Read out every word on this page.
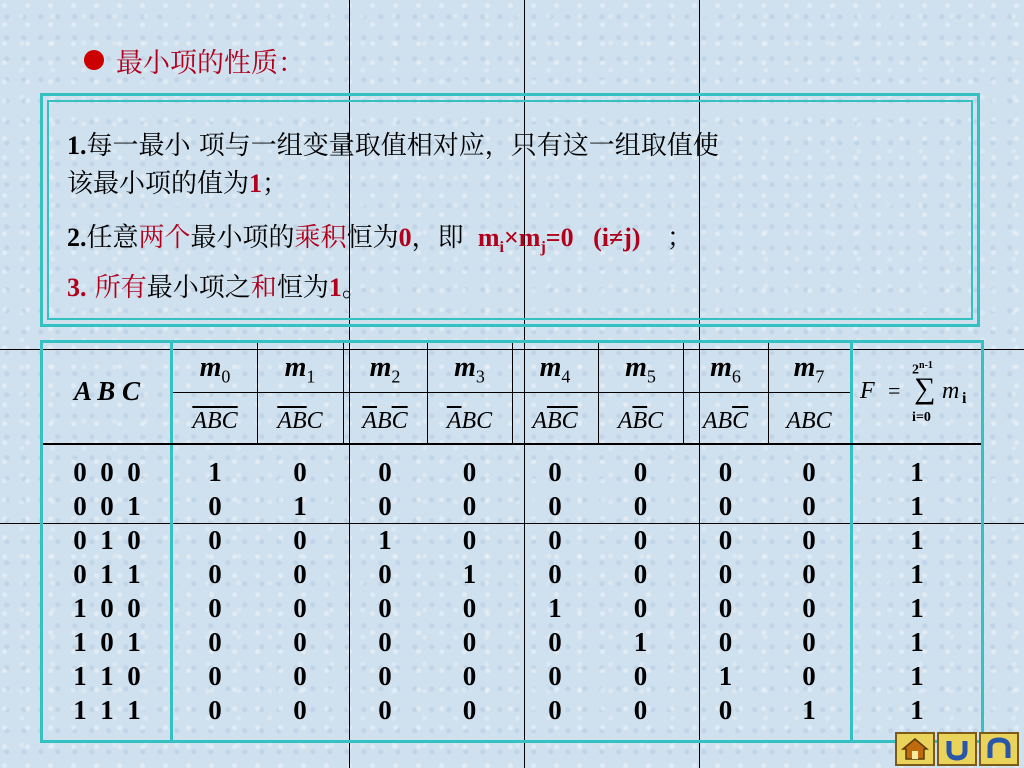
最小项的性质：
1.每一最小 项与一组变量取值相对应，只有这一组取值使
该最小项的值为1；
2.任意两个最小项的乘积恒为0，即 $m_i\times m_j=0$ (i≠j) ；
3. 所有最小项之和恒为1。
A B C
$m_0$	$m_1$	$m_2$	$m_3$	$m_4$	$m_5$	$m_6$	$m_7$
$\overline{A}\overline{B}\overline{C}$	$\overline{A}\overline{B}C$	$\overline{A}B\overline{C}$	$\overline{A}BC$	$A\overline{B}\overline{C}$	$A\overline{B}C$	$AB\overline{C}$	ABC
F =
$2^{n-1}$
∑ m i
i=0
0  0  0	1	0	0	0	0	0	0	0	1
0  0  1	0	1	0	0	0	0	0	0	1
0  1  0	0	0	1	0	0	0	0	0	1
0  1  1	0	0	0	1	0	0	0	0	1
1  0  0	0	0	0	0	1	0	0	0	1
1  0  1	0	0	0	0	0	1	0	0	1
1  1  0	0	0	0	0	0	0	1	0	1
1  1  1	0	0	0	0	0	0	0	1	1
